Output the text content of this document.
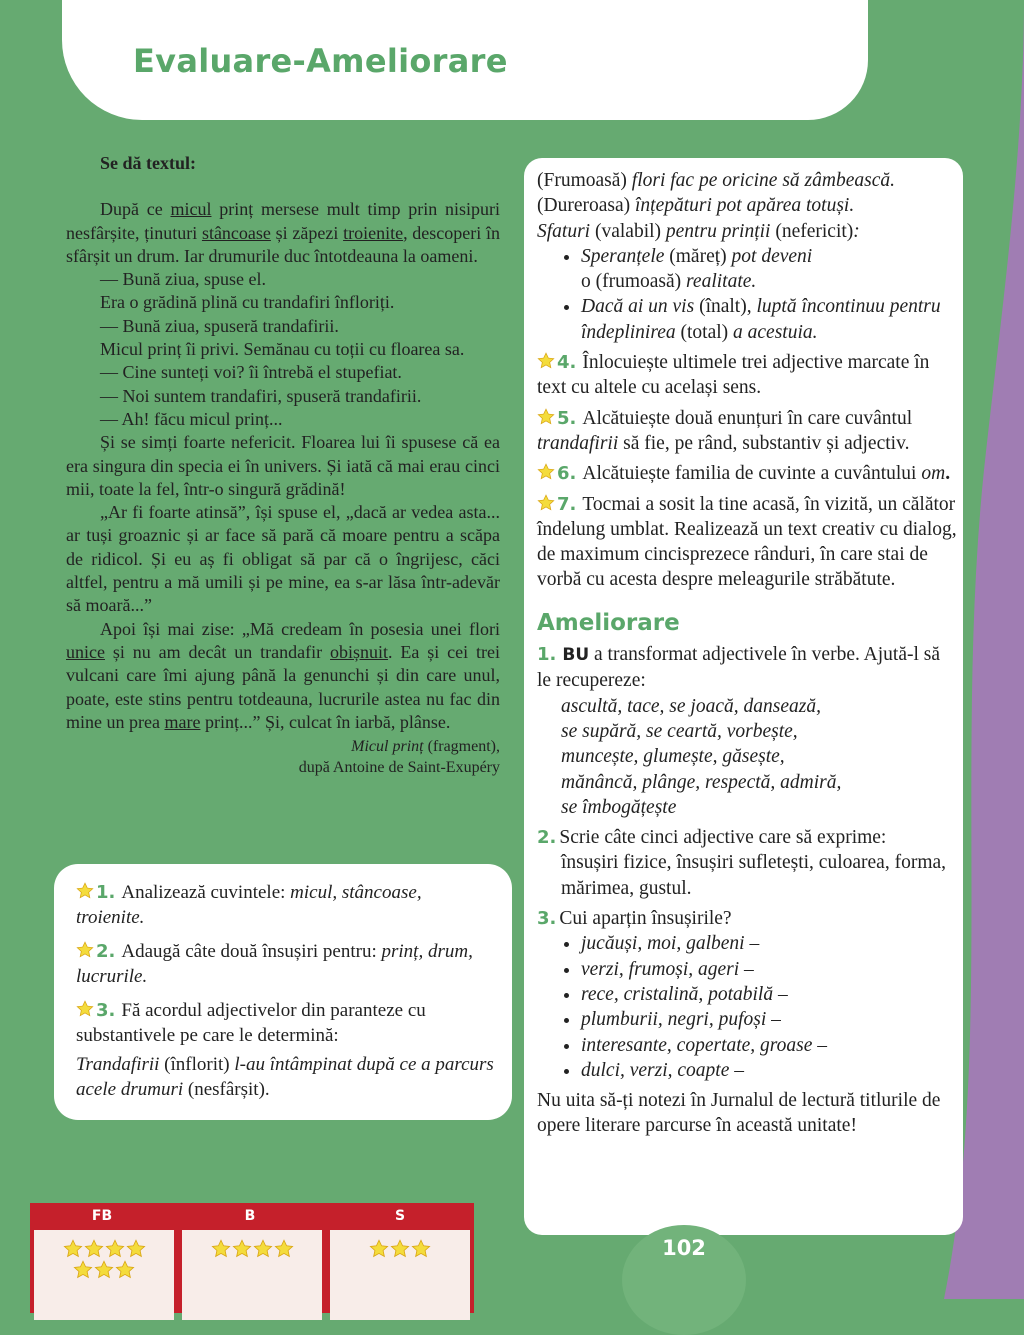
Evaluare-Ameliorare

Se dă textul:

După ce micul prinț mersese mult timp prin nisipuri nesfârșite, ținuturi stâncoase și zăpezi troienite, descoperi în sfârșit un drum. Iar drumurile duc întotdeauna la oameni.

— Bună ziua, spuse el.

Era o grădină plină cu trandafiri înfloriți.

— Bună ziua, spuseră trandafirii.

Micul prinț îi privi. Semănau cu toții cu floarea sa.

— Cine sunteți voi? îi întrebă el stupefiat.

— Noi suntem trandafiri, spuseră trandafirii.

— Ah! făcu micul prinț...

Și se simți foarte nefericit. Floarea lui îi spusese că ea era singura din specia ei în univers. Și iată că mai erau cinci mii, toate la fel, într-o singură grădină!

„Ar fi foarte atinsă”, își spuse el, „dacă ar vedea asta... ar tuși groaznic și ar face să pară că moare pentru a scăpa de ridicol. Și eu aș fi obligat să par că o îngrijesc, căci altfel, pentru a mă umili și pe mine, ea s-ar lăsa într-adevăr să moară...”

Apoi își mai zise: „Mă credeam în posesia unei flori unice și nu am decât un trandafir obișnuit. Ea și cei trei vulcani care îmi ajung până la genunchi și din care unul, poate, este stins pentru totdeauna, lucrurile astea nu fac din mine un prea mare prinț...” Și, culcat în iarbă, plânse.

Micul prinț (fragment),

după Antoine de Saint-Exupéry

1. Analizează cuvintele: micul, stâncoase, troienite.

2. Adaugă câte două însușiri pentru: prinț, drum, lucrurile.

3. Fă acordul adjectivelor din paranteze cu substantivele pe care le determină:

Trandafirii (înflorit) l-au întâmpinat după ce a parcurs acele drumuri (nesfârșit).

(Frumoasă) flori fac pe oricine să zâmbească.

(Dureroasa) înțepături pot apărea totuși.

Sfaturi (valabil) pentru prinții (nefericit):

• Speranțele (măreț) pot deveni
o (frumoasă) realitate.
• Dacă ai un vis (înalt), luptă încontinuu pentru îndeplinirea (total) a acestuia.

4. Înlocuiește ultimele trei adjective marcate în text cu altele cu același sens.

5. Alcătuiește două enunțuri în care cuvântul trandafirii să fie, pe rând, substantiv și adjectiv.

6. Alcătuiește familia de cuvinte a cuvântului om.

7. Tocmai a sosit la tine acasă, în vizită, un călător îndelung umblat. Realizează un text creativ cu dialog, de maximum cincisprezece rânduri, în care stai de vorbă cu acesta despre meleagurile străbătute.

Ameliorare

1. BU a transformat adjectivele în verbe. Ajută-l să le recupereze:

ascultă, tace, se joacă, dansează,
se supără, se ceartă, vorbește,
muncește, glumește, găsește,
mănâncă, plânge, respectă, admiră,
se îmbogățește

2. Scrie câte cinci adjective care să exprime:

însușiri fizice, însușiri sufletești, culoarea, forma, mărimea, gustul.

3. Cui aparțin însușirile?

• jucăuși, moi, galbeni –
• verzi, frumoși, ageri –
• rece, cristalină, potabilă –
• plumburii, negri, pufoși –
• interesante, copertate, groase –
• dulci, verzi, coapte –

Nu uita să-ți notezi în Jurnalul de lectură titlurile de opere literare parcurse în această unitate!

102
FB	B	S
